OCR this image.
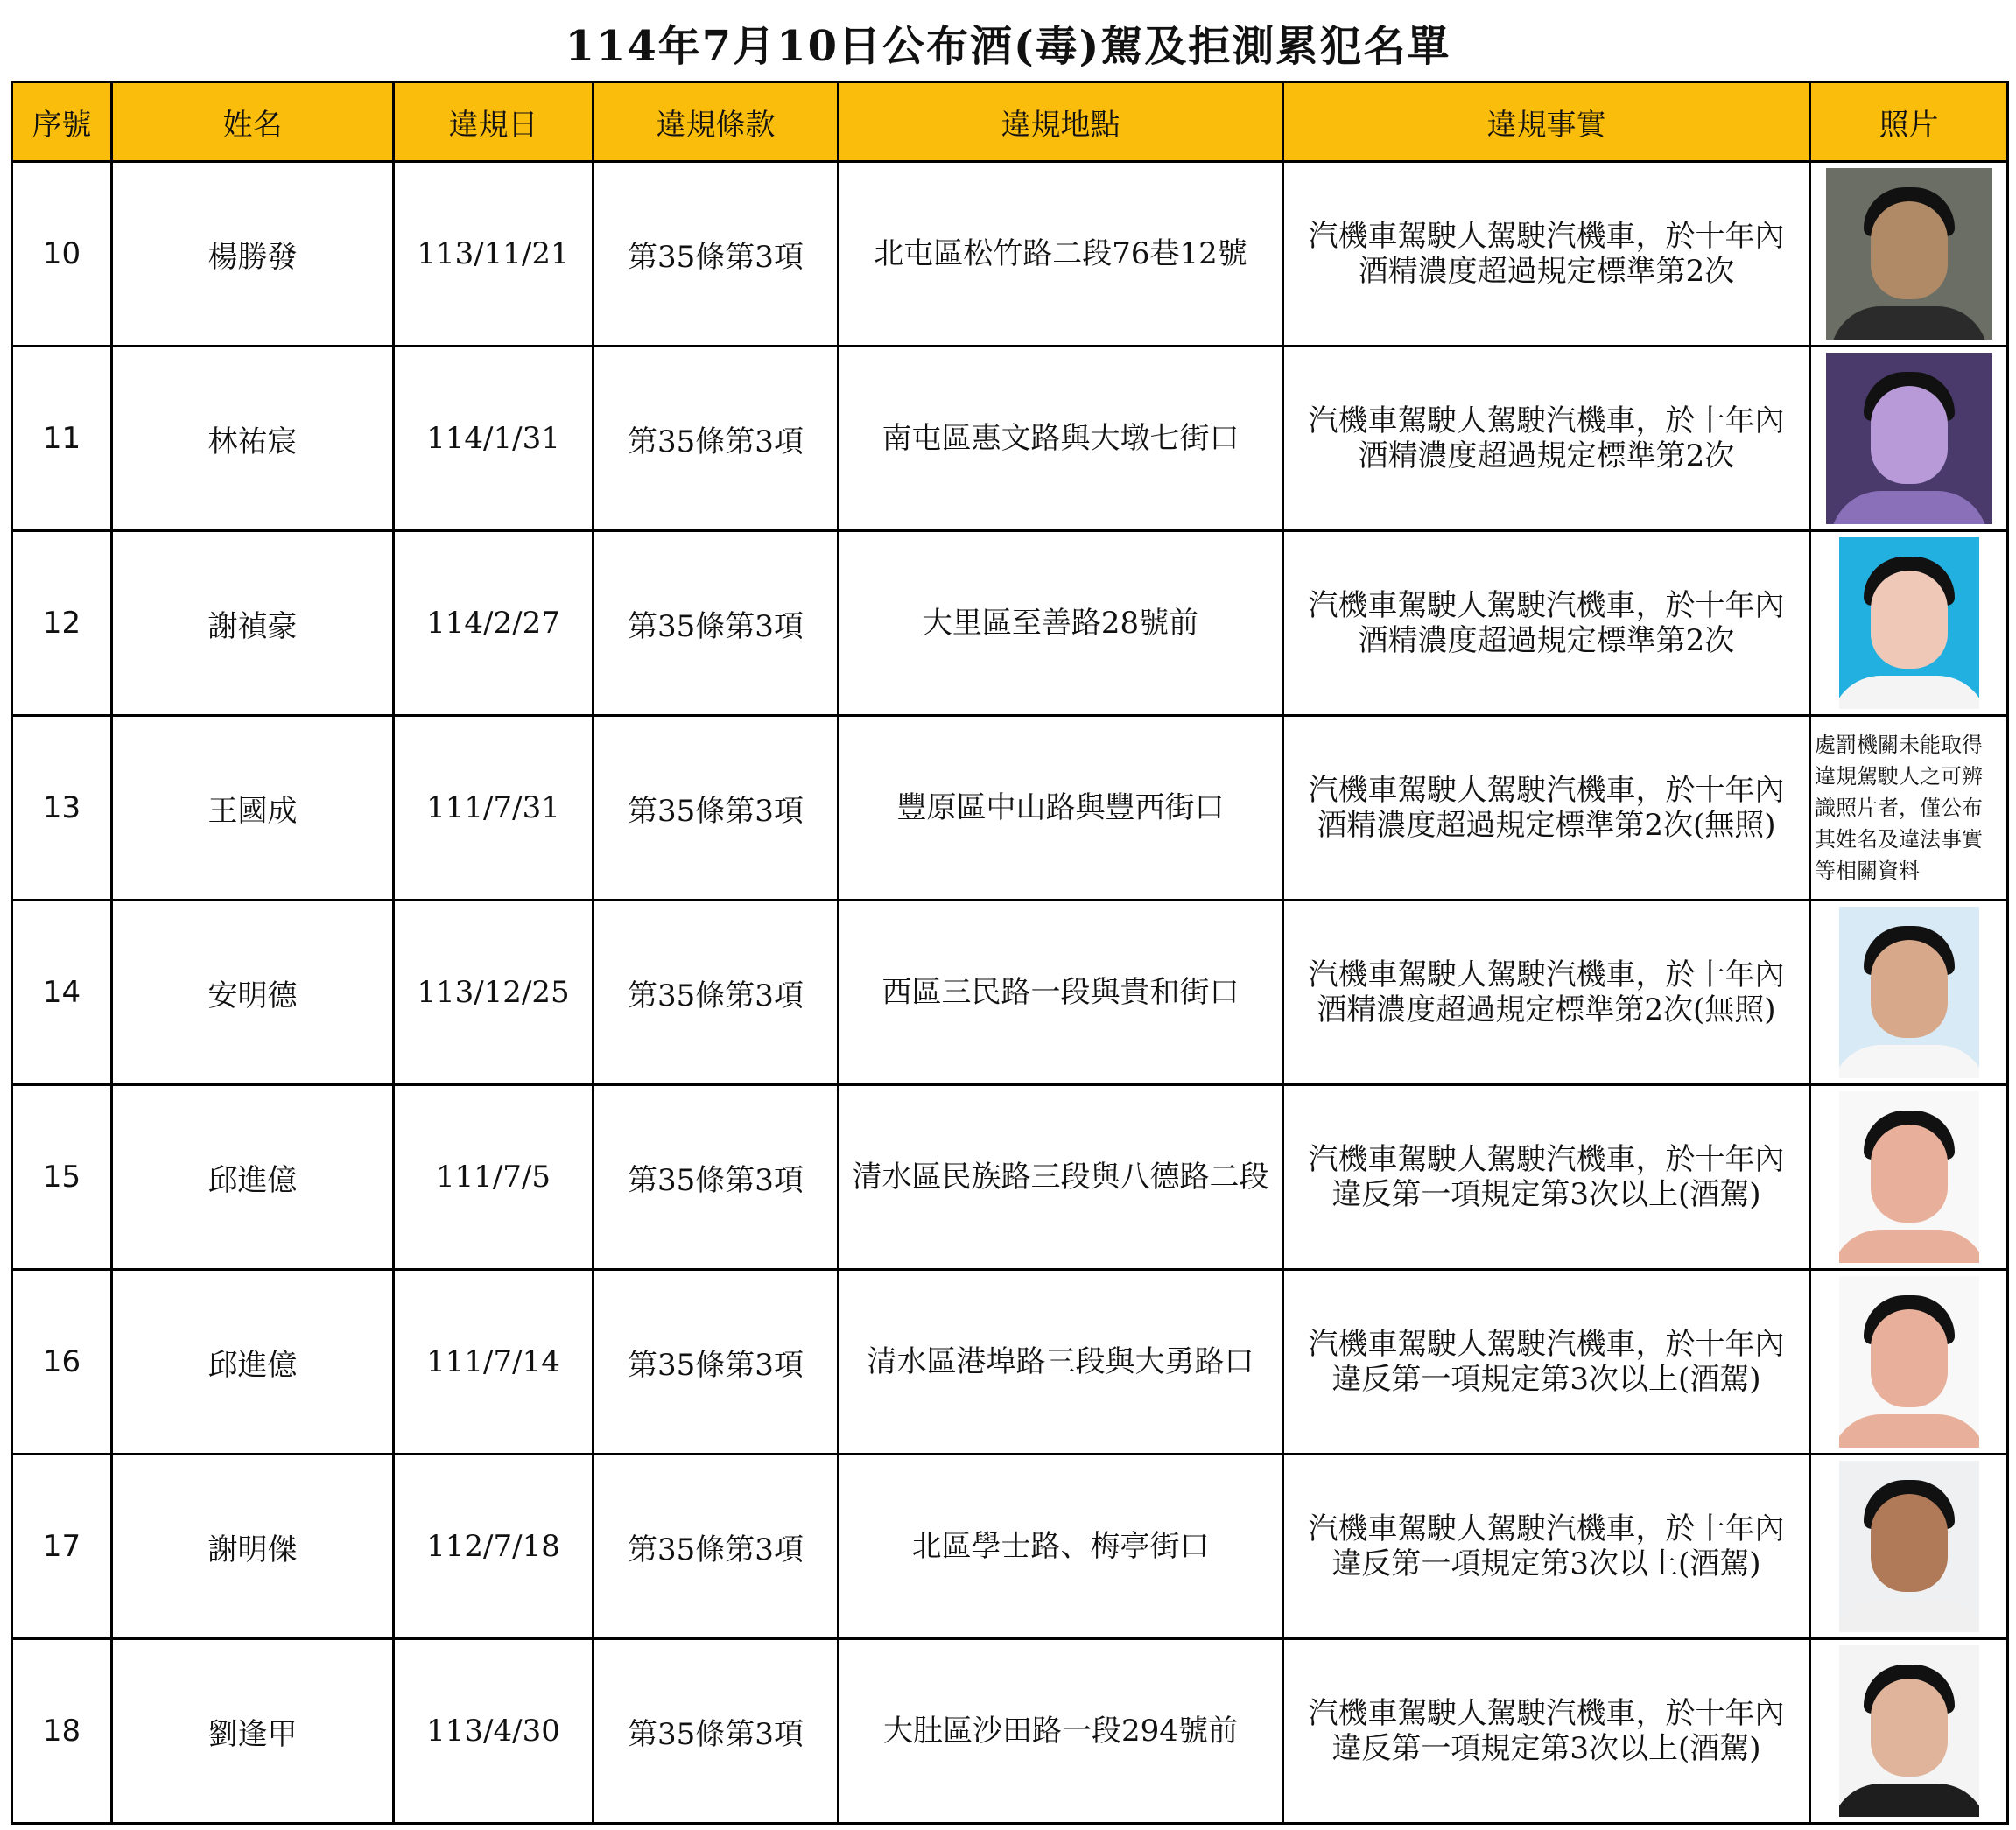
114年7月10日公布酒(毒)駕及拒測累犯名單
序號	姓名	違規日	違規條款	違規地點	違規事實	照片
10	楊勝發	113/11/21	第35條第3項	北屯區松竹路二段76巷12號	汽機車駕駛人駕駛汽機車，於十年內
酒精濃度超過規定標準第2次	

11	林祐宸	114/1/31	第35條第3項	南屯區惠文路與大墩七街口	汽機車駕駛人駕駛汽機車，於十年內
酒精濃度超過規定標準第2次	

12	謝禎豪	114/2/27	第35條第3項	大里區至善路28號前	汽機車駕駛人駕駛汽機車，於十年內
酒精濃度超過規定標準第2次	

13	王國成	111/7/31	第35條第3項	豐原區中山路與豐西街口	汽機車駕駛人駕駛汽機車，於十年內
酒精濃度超過規定標準第2次(無照)	處罰機關未能取得違規駕駛人之可辨識照片者，僅公布 其姓名及違法事實等相關資料

14	安明德	113/12/25	第35條第3項	西區三民路一段與貴和街口	汽機車駕駛人駕駛汽機車，於十年內
酒精濃度超過規定標準第2次(無照)	

15	邱進億	111/7/5	第35條第3項	清水區民族路三段與八德路二段	汽機車駕駛人駕駛汽機車，於十年內
違反第一項規定第3次以上(酒駕)	

16	邱進億	111/7/14	第35條第3項	清水區港埠路三段與大勇路口	汽機車駕駛人駕駛汽機車，於十年內
違反第一項規定第3次以上(酒駕)	

17	謝明傑	112/7/18	第35條第3項	北區學士路、梅亭街口	汽機車駕駛人駕駛汽機車，於十年內
違反第一項規定第3次以上(酒駕)	

18	劉逢甲	113/4/30	第35條第3項	大肚區沙田路一段294號前	汽機車駕駛人駕駛汽機車，於十年內
違反第一項規定第3次以上(酒駕)	
